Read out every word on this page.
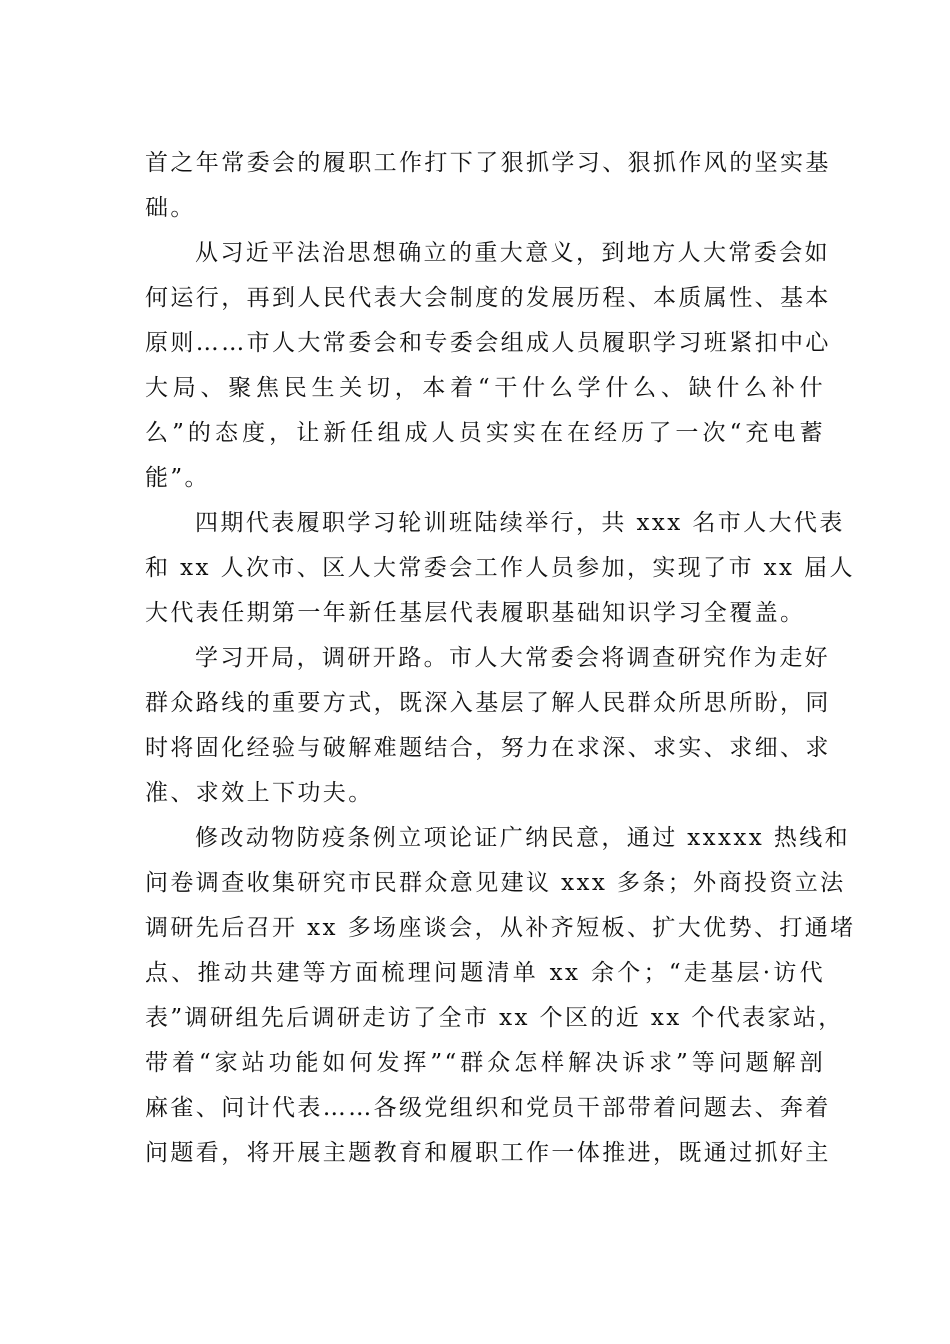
首之年常委会的履职工作打下了狠抓学习、狠抓作风的坚实基
础。

从习近平法治思想确立的重大意义，到地方人大常委会如
何运行，再到人民代表大会制度的发展历程、本质属性、基本
原则……市人大常委会和专委会组成人员履职学习班紧扣中心
大局、聚焦民生关切，本着“干什么学什么、缺什么补什
么”的态度，让新任组成人员实实在在经历了一次“充电蓄
能”。

四期代表履职学习轮训班陆续举行，共 xxx 名市人大代表
和 xx 人次市、区人大常委会工作人员参加，实现了市 xx 届人
大代表任期第一年新任基层代表履职基础知识学习全覆盖。

学习开局，调研开路。市人大常委会将调查研究作为走好
群众路线的重要方式，既深入基层了解人民群众所思所盼，同
时将固化经验与破解难题结合，努力在求深、求实、求细、求
准、求效上下功夫。

修改动物防疫条例立项论证广纳民意，通过 xxxxx 热线和
问卷调查收集研究市民群众意见建议 xxx 多条；外商投资立法
调研先后召开 xx 多场座谈会，从补齐短板、扩大优势、打通堵
点、推动共建等方面梳理问题清单 xx 余个；“走基层·访代
表”调研组先后调研走访了全市 xx 个区的近 xx 个代表家站，
带着“家站功能如何发挥”“群众怎样解决诉求”等问题解剖
麻雀、问计代表……各级党组织和党员干部带着问题去、奔着
问题看，将开展主题教育和履职工作一体推进，既通过抓好主
